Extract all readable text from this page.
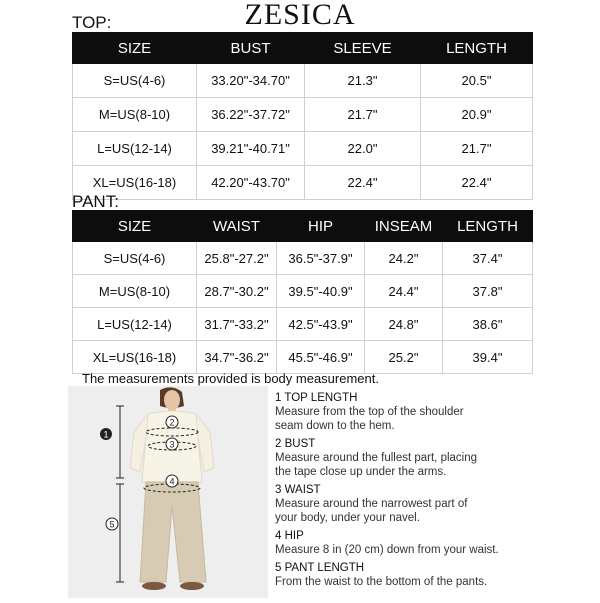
ZESICA
TOP:
SIZE	BUST	SLEEVE	LENGTH
S=US(4-6)	33.20"-34.70"	21.3"	20.5"
M=US(8-10)	36.22"-37.72"	21.7"	20.9"
L=US(12-14)	39.21"-40.71"	22.0"	21.7"
XL=US(16-18)	42.20"-43.70"	22.4"	22.4"
PANT:
SIZE	WAIST	HIP	INSEAM	LENGTH
S=US(4-6)	25.8"-27.2"	36.5"-37.9"	24.2"	37.4"
M=US(8-10)	28.7"-30.2"	39.5"-40.9"	24.4"	37.8"
L=US(12-14)	31.7"-33.2"	42.5"-43.9"	24.8"	38.6"
XL=US(16-18)	34.7"-36.2"	45.5"-46.9"	25.2"	39.4"
The measurements provided is body measurement.
1
2
3
4
5
1 TOP LENGTH
Measure from the top of the shoulder seam down to the hem.
2 BUST
Measure around the fullest part, placing the tape close up under the arms.
3 WAIST
Measure around the narrowest part of your body, under your navel.
4 HIP
Measure 8 in (20 cm) down from your waist.
5 PANT LENGTH
From the waist to the bottom of the pants.
